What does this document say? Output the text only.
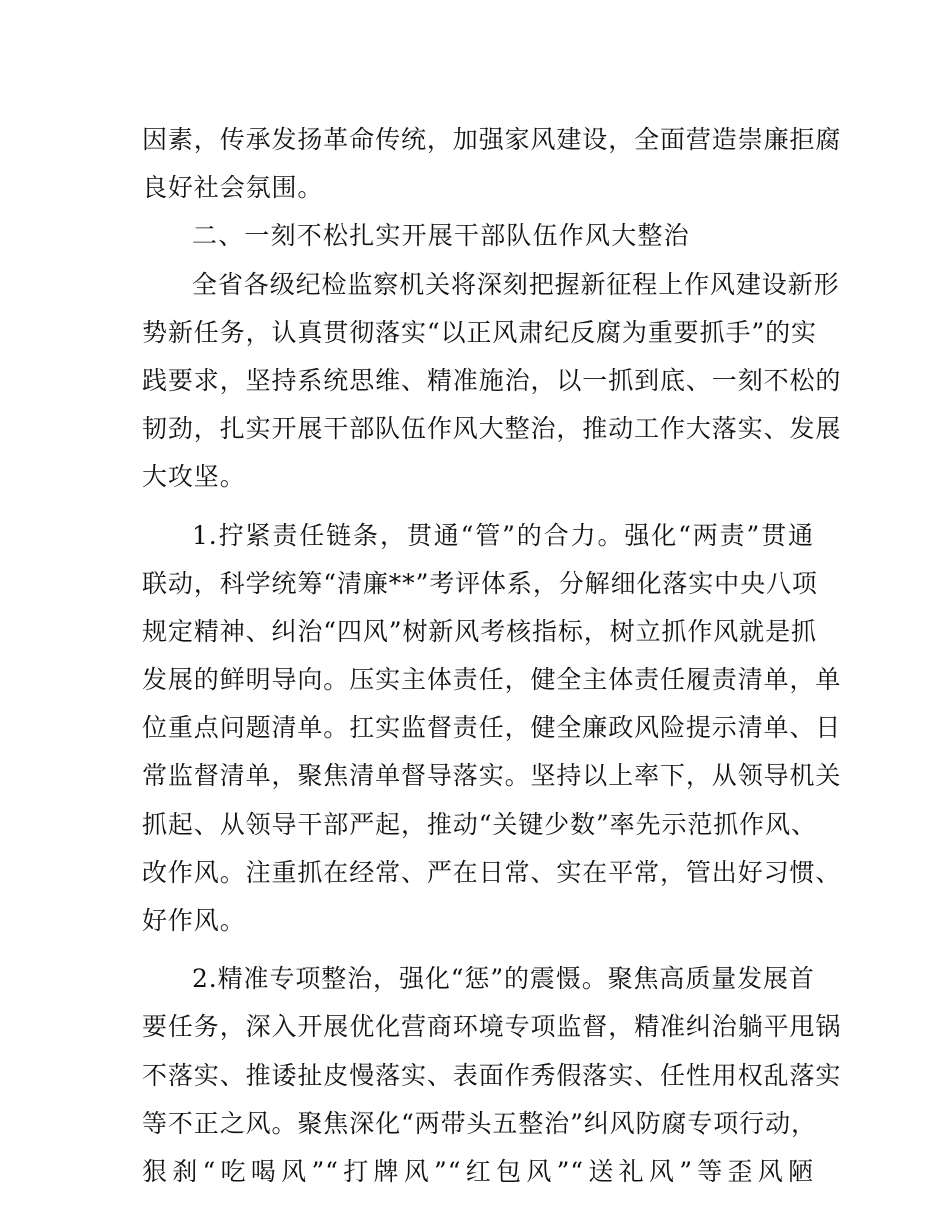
因素，传承发扬革命传统，加强家风建设，全面营造崇廉拒腐
良好社会氛围。
二、一刻不松扎实开展干部队伍作风大整治
全省各级纪检监察机关将深刻把握新征程上作风建设新形
势新任务，认真贯彻落实“以正风肃纪反腐为重要抓手”的实
践要求，坚持系统思维、精准施治，以一抓到底、一刻不松的
韧劲，扎实开展干部队伍作风大整治，推动工作大落实、发展
大攻坚。
1.拧紧责任链条，贯通“管”的合力。强化“两责”贯通
联动，科学统筹“清廉**”考评体系，分解细化落实中央八项
规定精神、纠治“四风”树新风考核指标，树立抓作风就是抓
发展的鲜明导向。压实主体责任，健全主体责任履责清单，单
位重点问题清单。扛实监督责任，健全廉政风险提示清单、日
常监督清单，聚焦清单督导落实。坚持以上率下，从领导机关
抓起、从领导干部严起，推动“关键少数”率先示范抓作风、
改作风。注重抓在经常、严在日常、实在平常，管出好习惯、
好作风。
2.精准专项整治，强化“惩”的震慑。聚焦高质量发展首
要任务，深入开展优化营商环境专项监督，精准纠治躺平甩锅
不落实、推诿扯皮慢落实、表面作秀假落实、任性用权乱落实
等不正之风。聚焦深化“两带头五整治”纠风防腐专项行动，
狠刹“吃喝风”“打牌风”“红包风”“送礼风”等歪风陋
